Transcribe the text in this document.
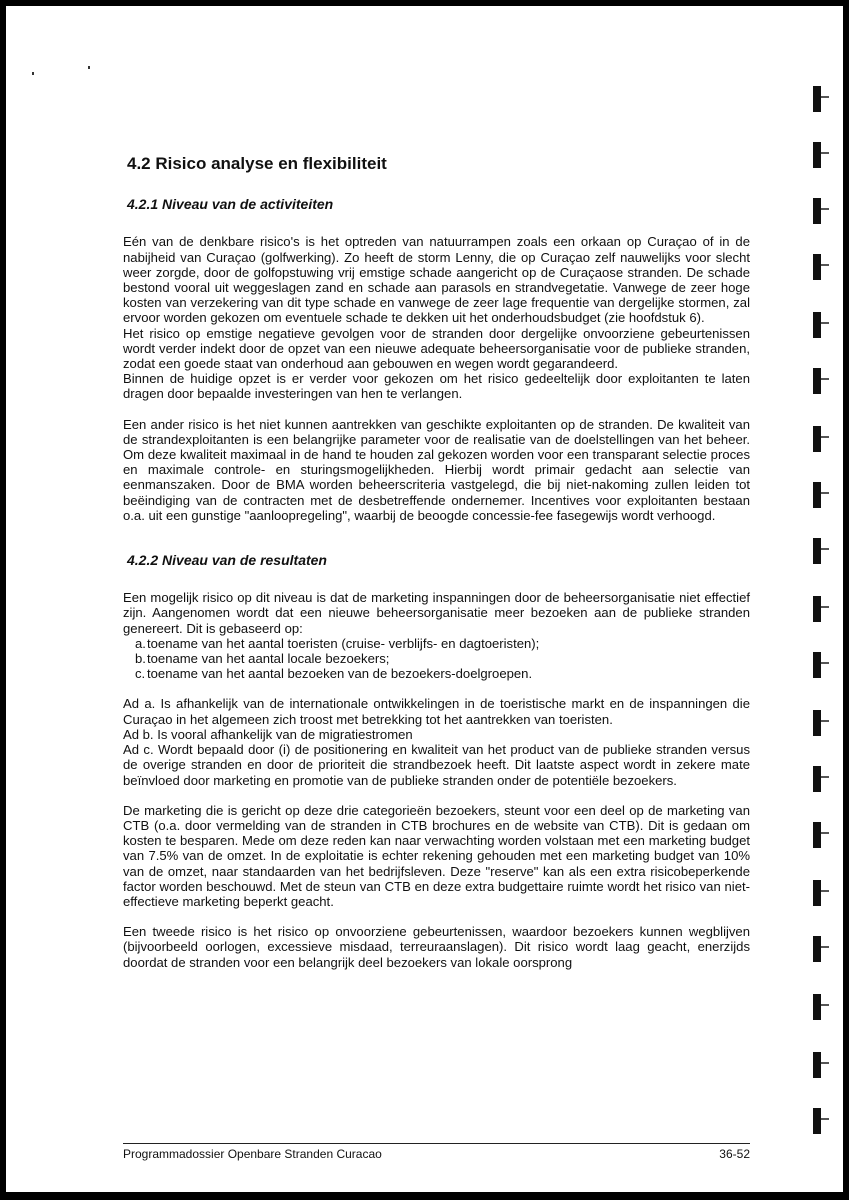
4.2 Risico analyse en flexibiliteit
4.2.1 Niveau van de activiteiten

Eén van de denkbare risico's is het optreden van natuurrampen zoals een orkaan op Curaçao of in de nabijheid van Curaçao (golfwerking). Zo heeft de storm Lenny, die op Curaçao zelf nauwelijks voor slecht weer zorgde, door de golfopstuwing vrij emstige schade aangericht op de Curaçaose stranden. De schade bestond vooral uit weggeslagen zand en schade aan parasols en strandvegetatie. Vanwege de zeer hoge kosten van verzekering van dit type schade en vanwege de zeer lage frequentie van dergelijke stormen, zal ervoor worden gekozen om eventuele schade te dekken uit het onderhoudsbudget (zie hoofdstuk 6).

Het risico op emstige negatieve gevolgen voor de stranden door dergelijke onvoorziene gebeurtenissen wordt verder indekt door de opzet van een nieuwe adequate beheersorganisatie voor de publieke stranden, zodat een goede staat van onderhoud aan gebouwen en wegen wordt gegarandeerd.

Binnen de huidige opzet is er verder voor gekozen om het risico gedeeltelijk door exploitanten te laten dragen door bepaalde investeringen van hen te verlangen.

Een ander risico is het niet kunnen aantrekken van geschikte exploitanten op de stranden. De kwaliteit van de strandexploitanten is een belangrijke parameter voor de realisatie van de doelstellingen van het beheer. Om deze kwaliteit maximaal in de hand te houden zal gekozen worden voor een transparant selectie proces en maximale controle- en sturingsmogelijkheden. Hierbij wordt primair gedacht aan selectie van eenmanszaken. Door de BMA worden beheerscriteria vastgelegd, die bij niet-nakoming zullen leiden tot beëindiging van de contracten met de desbetreffende ondernemer. Incentives voor exploitanten bestaan o.a. uit een gunstige "aanloopregeling", waarbij de beoogde concessie-fee fasegewijs wordt verhoogd.

4.2.2 Niveau van de resultaten

Een mogelijk risico op dit niveau is dat de marketing inspanningen door de beheersorganisatie niet effectief zijn. Aangenomen wordt dat een nieuwe beheersorganisatie meer bezoeken aan de publieke stranden genereert. Dit is gebaseerd op:

a. toename van het aantal toeristen (cruise- verblijfs- en dagtoeristen);
b. toename van het aantal locale bezoekers;
c. toename van het aantal bezoeken van de bezoekers-doelgroepen.

Ad a. Is afhankelijk van de internationale ontwikkelingen in de toeristische markt en de inspanningen die Curaçao in het algemeen zich troost met betrekking tot het aantrekken van toeristen.

Ad b. Is vooral afhankelijk van de migratiestromen

Ad c. Wordt bepaald door (i) de positionering en kwaliteit van het product van de publieke stranden versus de overige stranden en door de prioriteit die strandbezoek heeft. Dit laatste aspect wordt in zekere mate beïnvloed door marketing en promotie van de publieke stranden onder de potentiële bezoekers.

De marketing die is gericht op deze drie categorieën bezoekers, steunt voor een deel op de marketing van CTB (o.a. door vermelding van de stranden in CTB brochures en de website van CTB). Dit is gedaan om kosten te besparen. Mede om deze reden kan naar verwachting worden volstaan met een marketing budget van 7.5% van de omzet. In de exploitatie is echter rekening gehouden met een marketing budget van 10% van de omzet, naar standaarden van het bedrijfsleven. Deze "reserve" kan als een extra risicobeperkende factor worden beschouwd. Met de steun van CTB en deze extra budgettaire ruimte wordt het risico van niet-effectieve marketing beperkt geacht.

Een tweede risico is het risico op onvoorziene gebeurtenissen, waardoor bezoekers kunnen wegblijven (bijvoorbeeld oorlogen, excessieve misdaad, terreuraanslagen). Dit risico wordt laag geacht, enerzijds doordat de stranden voor een belangrijk deel bezoekers van lokale oorsprong

Programmadossier Openbare Stranden Curacao	36-52
